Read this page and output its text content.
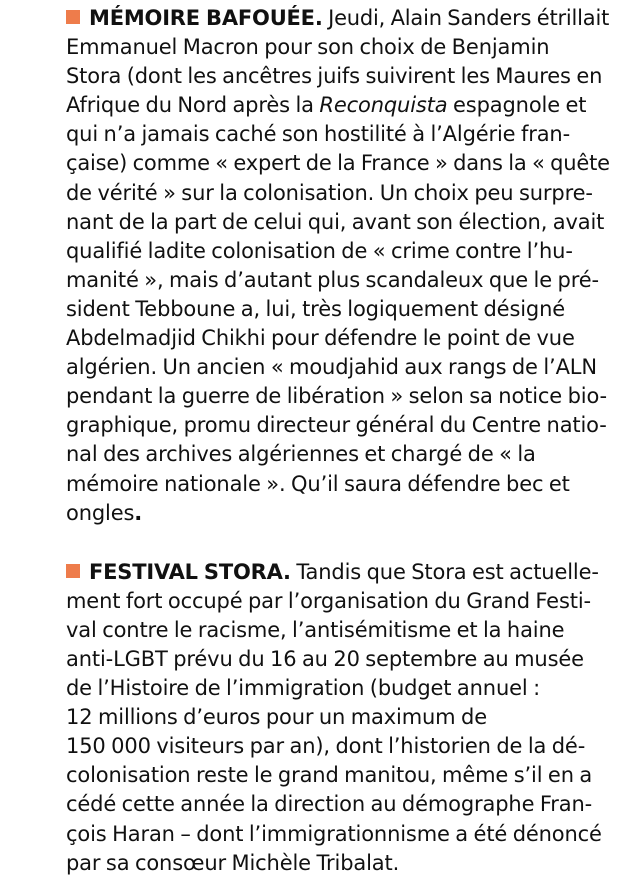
MÉMOIRE BAFOUÉE. Jeudi, Alain Sanders étrillait
Emmanuel Macron pour son choix de Benjamin
Stora (dont les ancêtres juifs suivirent les Maures en
Afrique du Nord après la Reconquista espagnole et
qui n’a jamais caché son hostilité à l’Algérie fran-
çaise) comme « expert de la France » dans la « quête
de vérité » sur la colonisation. Un choix peu surpre-
nant de la part de celui qui, avant son élection, avait
qualifié ladite colonisation de « crime contre l’hu-
manité », mais d’autant plus scandaleux que le pré-
sident Tebboune a, lui, très logiquement désigné
Abdelmadjid Chikhi pour défendre le point de vue
algérien. Un ancien « moudjahid aux rangs de l’ALN
pendant la guerre de libération » selon sa notice bio-
graphique, promu directeur général du Centre natio-
nal des archives algériennes et chargé de « la
mémoire nationale ». Qu’il saura défendre bec et
ongles.

FESTIVAL STORA. Tandis que Stora est actuelle-
ment fort occupé par l’organisation du Grand Festi-
val contre le racisme, l’antisémitisme et la haine
anti-LGBT prévu du 16 au 20 septembre au musée
de l’Histoire de l’immigration (budget annuel :
12 millions d’euros pour un maximum de
150 000 visiteurs par an), dont l’historien de la dé-
colonisation reste le grand manitou, même s’il en a
cédé cette année la direction au démographe Fran-
çois Haran – dont l’immigrationnisme a été dénoncé
par sa consœur Michèle Tribalat.
